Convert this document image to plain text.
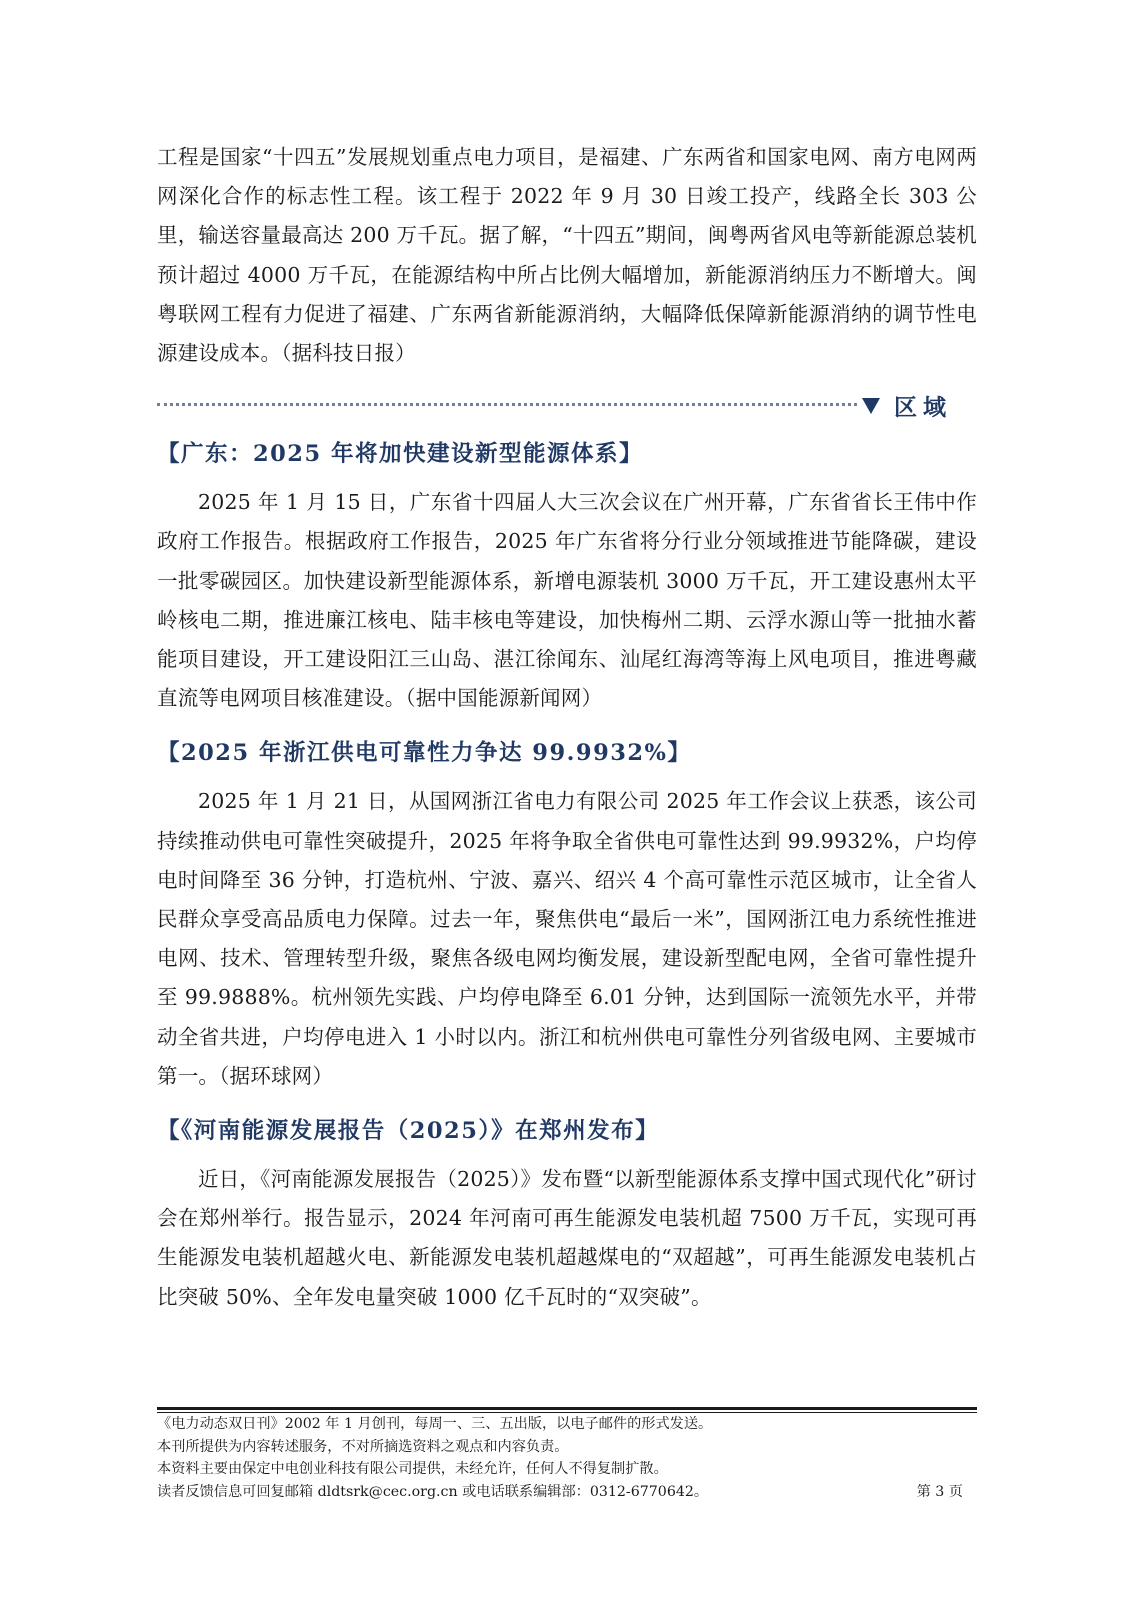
工程是国家“十四五”发展规划重点电力项目，是福建、广东两省和国家电网、南方电网两网深化合作的标志性工程。该工程于 2022 年 9 月 30 日竣工投产，线路全长 303 公里，输送容量最高达 200 万千瓦。据了解，“十四五”期间，闽粤两省风电等新能源总装机预计超过 4000 万千瓦，在能源结构中所占比例大幅增加，新能源消纳压力不断增大。闽粤联网工程有力促进了福建、广东两省新能源消纳，大幅降低保障新能源消纳的调节性电源建设成本。（据科技日报）

区域
【广东：2025 年将加快建设新型能源体系】

2025 年 1 月 15 日，广东省十四届人大三次会议在广州开幕，广东省省长王伟中作政府工作报告。根据政府工作报告，2025 年广东省将分行业分领域推进节能降碳，建设一批零碳园区。加快建设新型能源体系，新增电源装机 3000 万千瓦，开工建设惠州太平岭核电二期，推进廉江核电、陆丰核电等建设，加快梅州二期、云浮水源山等一批抽水蓄能项目建设，开工建设阳江三山岛、湛江徐闻东、汕尾红海湾等海上风电项目，推进粤藏直流等电网项目核准建设。（据中国能源新闻网）

【2025 年浙江供电可靠性力争达 99.9932%】

2025 年 1 月 21 日，从国网浙江省电力有限公司 2025 年工作会议上获悉，该公司持续推动供电可靠性突破提升，2025 年将争取全省供电可靠性达到 99.9932%，户均停电时间降至 36 分钟，打造杭州、宁波、嘉兴、绍兴 4 个高可靠性示范区城市，让全省人民群众享受高品质电力保障。过去一年，聚焦供电“最后一米”，国网浙江电力系统性推进电网、技术、管理转型升级，聚焦各级电网均衡发展，建设新型配电网，全省可靠性提升至 99.9888%。杭州领先实践、户均停电降至 6.01 分钟，达到国际一流领先水平，并带动全省共进，户均停电进入 1 小时以内。浙江和杭州供电可靠性分列省级电网、主要城市第一。（据环球网）

【《河南能源发展报告（2025）》在郑州发布】

近日，《河南能源发展报告（2025）》发布暨“以新型能源体系支撑中国式现代化”研讨会在郑州举行。报告显示，2024 年河南可再生能源发电装机超 7500 万千瓦，实现可再生能源发电装机超越火电、新能源发电装机超越煤电的“双超越”，可再生能源发电装机占比突破 50%、全年发电量突破 1000 亿千瓦时的“双突破”。

《电力动态双日刊》2002 年 1 月创刊，每周一、三、五出版，以电子邮件的形式发送。
本刊所提供为内容转述服务，不对所摘选资料之观点和内容负责。
本资料主要由保定中电创业科技有限公司提供，未经允许，任何人不得复制扩散。
读者反馈信息可回复邮箱 dldtsrk@cec.org.cn 或电话联系编辑部：0312-6770642。	第 3 页
